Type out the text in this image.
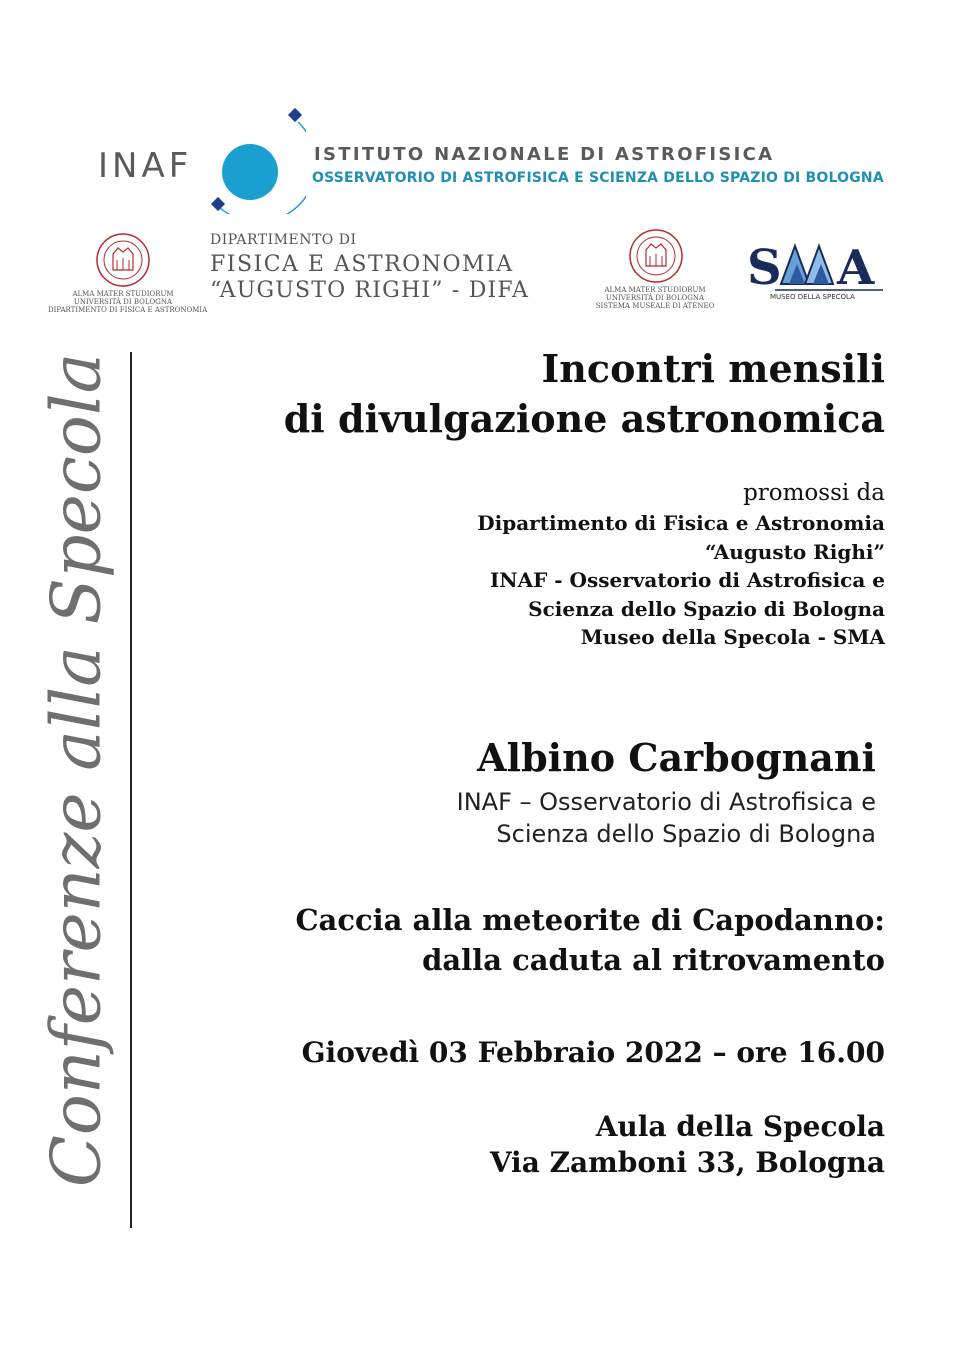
INAF	ISTITUTO NAZIONALE DI ASTROFISICA
OSSERVATORIO DI ASTROFISICA E SCIENZA DELLO SPAZIO DI BOLOGNA
ALMA MATER STUDIORUM
UNIVERSITÀ DI BOLOGNA
DIPARTIMENTO DI FISICA E ASTRONOMIA
DIPARTIMENTO DI
FISICA E ASTRONOMIA
“AUGUSTO RIGHI” - DIFA	ALMA MATER STUDIORUM
UNIVERSITÀ DI BOLOGNA
SISTEMA MUSEALE DI ATENEO
S A
MUSEO DELLA SPECOLA
Conferenze alla Specola	Incontri mensili
di divulgazione astronomica
promossi da
Dipartimento di Fisica e Astronomia
“Augusto Righi”
INAF - Osservatorio di Astrofisica e
Scienza dello Spazio di Bologna
Museo della Specola - SMA
Albino Carbognani
INAF – Osservatorio di Astrofisica e
Scienza dello Spazio di Bologna
Caccia alla meteorite di Capodanno:
dalla caduta al ritrovamento
Giovedì 03 Febbraio 2022 – ore 16.00
Aula della Specola
Via Zamboni 33, Bologna
